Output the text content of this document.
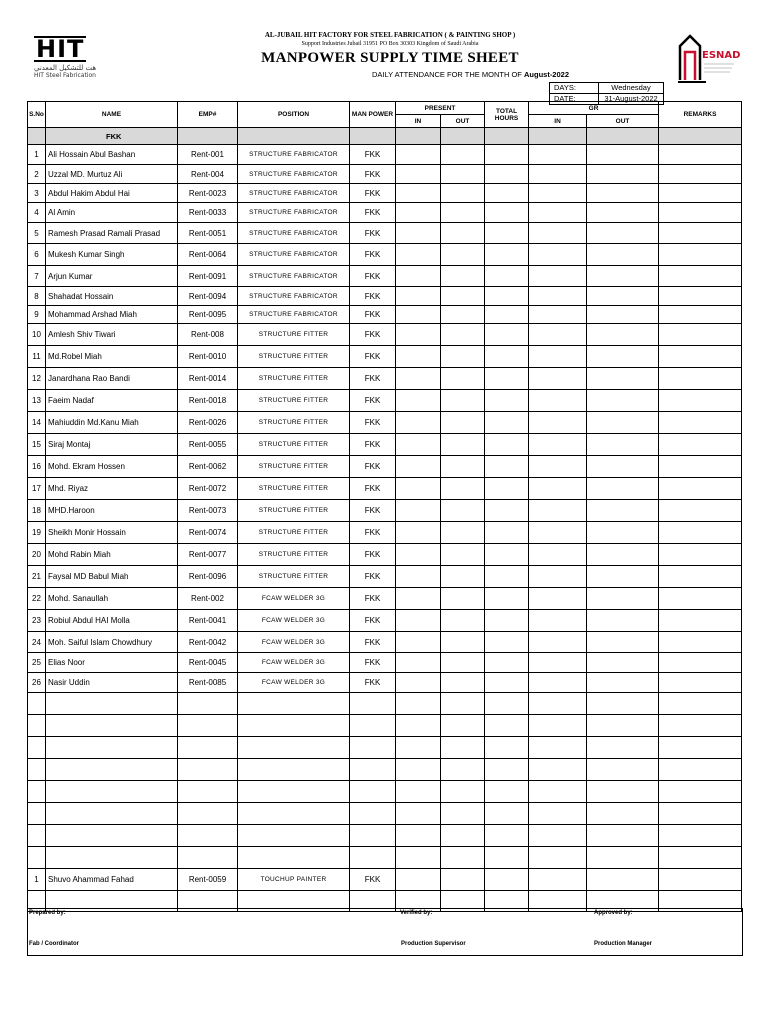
HIT
هت للتشكيل المعدني
HIT Steel Fabrication
AL-JUBAIL HIT FACTORY FOR STEEL FABRICATION ( & PAINTING SHOP )
Support Industries Jubail 31951 PO Box 30303 Kingdom of Saudi Arabia
MANPOWER SUPPLY TIME SHEET
DAILY ATTENDANCE FOR THE MONTH OF August-2022
ESNAD
DAYS:	Wednesday
DATE:	31-August-2022
S.No	NAME	EMP#	POSITION	MAN POWER	PRESENT		TOTAL HOURS	GR		REMARKS
					IN	OUT		IN	OUT	
	FKK									
1	Ali Hossain Abul Bashan	Rent-001	STRUCTURE FABRICATOR	FKK						
2	Uzzal MD. Murtuz Ali	Rent-004	STRUCTURE FABRICATOR	FKK						
3	Abdul Hakim Abdul Hai	Rent-0023	STRUCTURE FABRICATOR	FKK						
4	Al Amin	Rent-0033	STRUCTURE FABRICATOR	FKK						
5	Ramesh Prasad Ramali Prasad	Rent-0051	STRUCTURE FABRICATOR	FKK						
6	Mukesh Kumar Singh	Rent-0064	STRUCTURE FABRICATOR	FKK						
7	Arjun Kumar	Rent-0091	STRUCTURE FABRICATOR	FKK						
8	Shahadat Hossain	Rent-0094	STRUCTURE FABRICATOR	FKK						
9	Mohammad Arshad Miah	Rent-0095	STRUCTURE FABRICATOR	FKK						
10	Amlesh Shiv Tiwari	Rent-008	STRUCTURE FITTER	FKK						
11	Md.Robel Miah	Rent-0010	STRUCTURE FITTER	FKK						
12	Janardhana Rao Bandi	Rent-0014	STRUCTURE FITTER	FKK						
13	Faeim Nadaf	Rent-0018	STRUCTURE FITTER	FKK						
14	Mahiuddin Md.Kanu Miah	Rent-0026	STRUCTURE FITTER	FKK						
15	Siraj Montaj	Rent-0055	STRUCTURE FITTER	FKK						
16	Mohd. Ekram Hossen	Rent-0062	STRUCTURE FITTER	FKK						
17	Mhd. Riyaz	Rent-0072	STRUCTURE FITTER	FKK						
18	MHD.Haroon	Rent-0073	STRUCTURE FITTER	FKK						
19	Sheikh Monir Hossain	Rent-0074	STRUCTURE FITTER	FKK						
20	Mohd Rabin Miah	Rent-0077	STRUCTURE FITTER	FKK						
21	Faysal MD Babul Miah	Rent-0096	STRUCTURE FITTER	FKK						
22	Mohd. Sanaullah	Rent-002	FCAW WELDER 3G	FKK						
23	Robiul Abdul HAI Molla	Rent-0041	FCAW WELDER 3G	FKK						
24	Moh. Saiful Islam Chowdhury	Rent-0042	FCAW WELDER 3G	FKK						
25	Elias Noor	Rent-0045	FCAW WELDER 3G	FKK						
26	Nasir Uddin	Rent-0085	FCAW WELDER 3G	FKK						

1	Shuvo Ahammad Fahad	Rent-0059	TOUCHUP PAINTER	FKK						

Prepared by:	Verified by:	Approved by:
Fab / Coordinator	Production Supervisor	Production Manager
